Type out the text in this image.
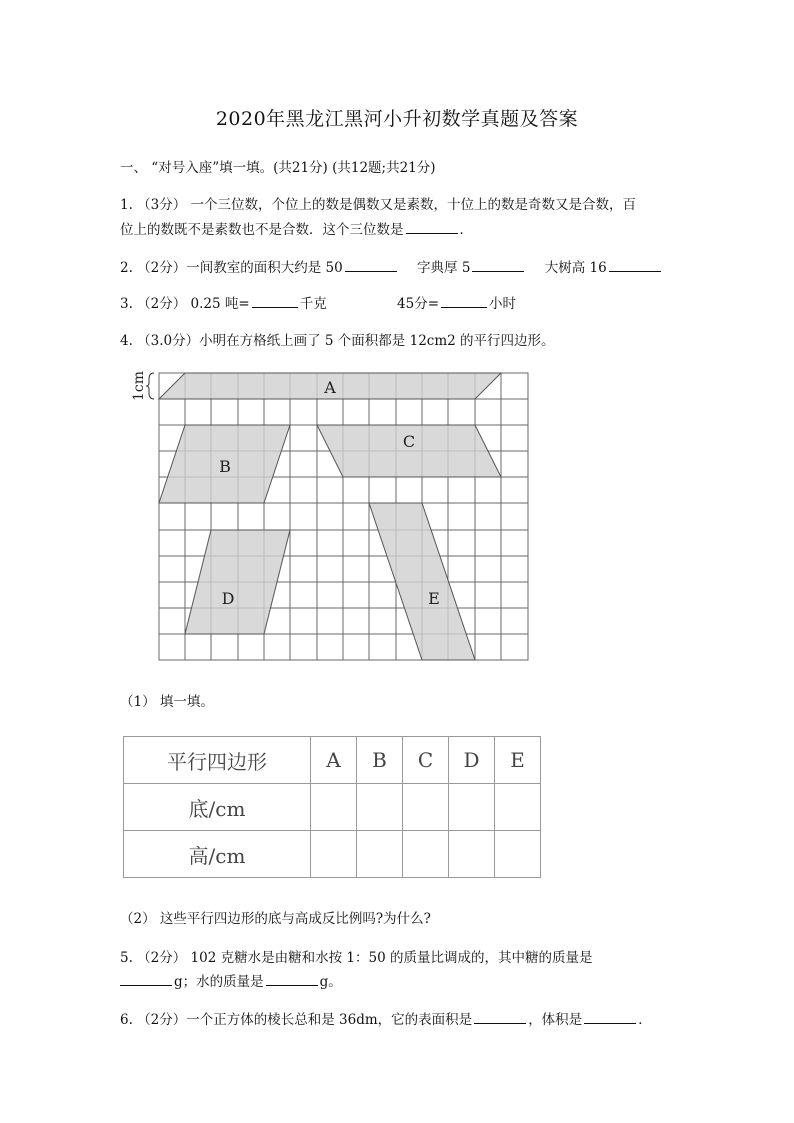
2020年黑龙江黑河小升初数学真题及答案
一、 “对号入座”填一填。(共21分) (共12题;共21分)
1. （3分） 一个三位数，个位上的数是偶数又是素数，十位上的数是奇数又是合数，百
位上的数既不是素数也不是合数．这个三位数是	．
2. （2分）一间教室的面积大约是 50	字典厚 5	大树高 16
3. （2分） 0.25 吨=	千克	45分=	小时
4. （3.0分）小明在方格纸上画了 5 个面积都是 12cm2 的平行四边形。
A
B
C
D	E
1cm
（1） 填一填。
平行四边形	A	B	C	D	E
底/cm					
高/cm					
（2） 这些平行四边形的底与高成反比例吗?为什么?
5. （2分） 102 克糖水是由糖和水按 1：50 的质量比调成的，其中糖的质量是
g；水的质量是	g。
6. （2分）一个正方体的棱长总和是 36dm，它的表面积是	，体积是	．
